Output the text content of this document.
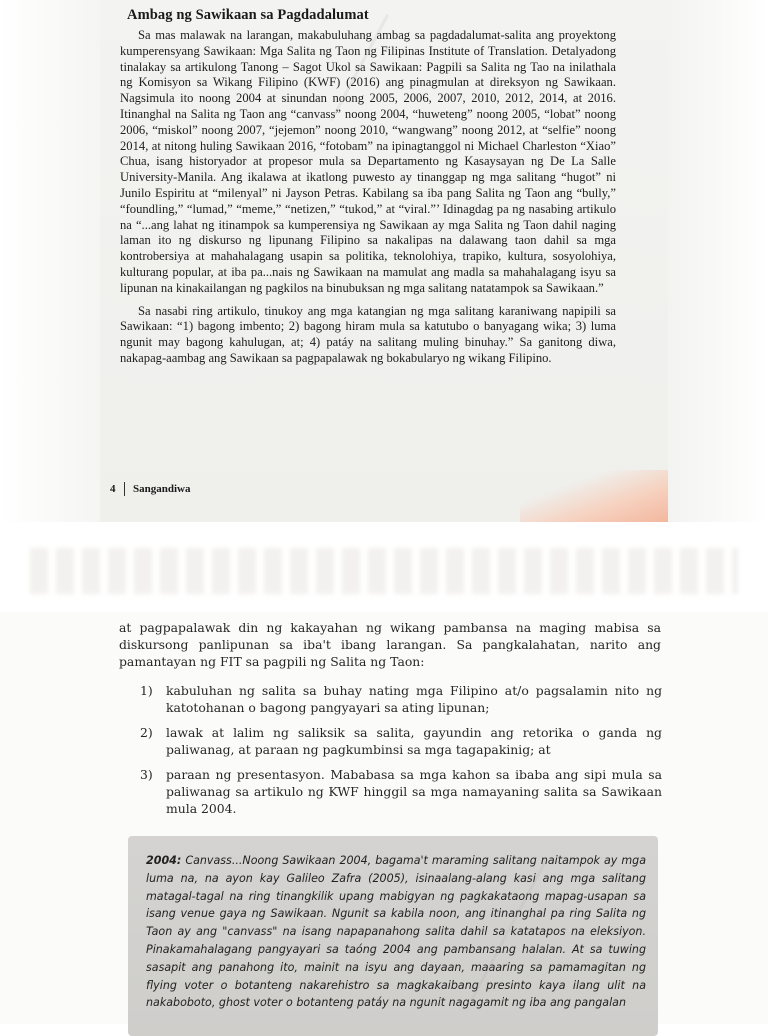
Ambag ng Sawikaan sa Pagdadalumat

Sa mas malawak na larangan, makabuluhang ambag sa pagdadalumat-salita ang proyektong kumperensyang Sawikaan: Mga Salita ng Taon ng Filipinas Institute of Translation. Detalyadong tinalakay sa artikulong Tanong – Sagot Ukol sa Sawikaan: Pagpili sa Salita ng Tao na inilathala ng Komisyon sa Wikang Filipino (KWF) (2016) ang pinagmulan at direksyon ng Sawikaan. Nagsimula ito noong 2004 at sinundan noong 2005, 2006, 2007, 2010, 2012, 2014, at 2016. Itinanghal na Salita ng Taon ang “canvass” noong 2004, “huweteng” noong 2005, “lobat” noong 2006, “miskol” noong 2007, “jejemon” noong 2010, “wangwang” noong 2012, at “selfie” noong 2014, at nitong huling Sawikaan 2016, “fotobam” na ipinagtanggol ni Michael Charleston “Xiao” Chua, isang historyador at propesor mula sa Departamento ng Kasaysayan ng De La Salle University-Manila. Ang ikalawa at ikatlong puwesto ay tinanggap ng mga salitang “hugot” ni Junilo Espiritu at “milenyal” ni Jayson Petras. Kabilang sa iba pang Salita ng Taon ang “bully,” “foundling,” “lumad,” “meme,” “netizen,” “tukod,” at “viral.”’ Idinagdag pa ng nasabing artikulo na “...ang lahat ng itinampok sa kumperensiya ng Sawikaan ay mga Salita ng Taon dahil naging laman ito ng diskurso ng lipunang Filipino sa nakalipas na dalawang taon dahil sa mga kontrobersiya at mahahalagang usapin sa politika, teknolohiya, trapiko, kultura, sosyolohiya, kulturang popular, at iba pa...nais ng Sawikaan na mamulat ang madla sa mahahalagang isyu sa lipunan na kinakailangan ng pagkilos na binubuksan ng mga salitang natatampok sa Sawikaan.”

Sa nasabi ring artikulo, tinukoy ang mga katangian ng mga salitang karaniwang napipili sa Sawikaan: “1) bagong imbento; 2) bagong hiram mula sa katutubo o banyagang wika; 3) luma ngunit may bagong kahulugan, at; 4) patáy na salitang muling binuhay.” Sa ganitong diwa, nakapag-aambag ang Sawikaan sa pagpapalawak ng bokabularyo ng wikang Filipino.

4 Sangandiwa

at pagpapalawak din ng kakayahan ng wikang pambansa na maging mabisa sa diskursong panlipunan sa iba't ibang larangan. Sa pangkalahatan, narito ang pamantayan ng FIT sa pagpili ng Salita ng Taon:

1)	kabuluhan ng salita sa buhay nating mga Filipino at/o pagsalamin nito ng katotohanan o bagong pangyayari sa ating lipunan;
2)	lawak at lalim ng saliksik sa salita, gayundin ang retorika o ganda ng paliwanag, at paraan ng pagkumbinsi sa mga tagapakinig; at
3)	paraan ng presentasyon. Mababasa sa mga kahon sa ibaba ang sipi mula sa paliwanag sa artikulo ng KWF hinggil sa mga namayaning salita sa Sawikaan mula 2004.
2004: Canvass...Noong Sawikaan 2004, bagama't maraming salitang naitampok ay mga luma na, na ayon kay Galileo Zafra (2005), isinaalang-alang kasi ang mga salitang matagal-tagal na ring tinangkilik upang mabigyan ng pagkakataong mapag-usapan sa isang venue gaya ng Sawikaan. Ngunit sa kabila noon, ang itinanghal pa ring Salita ng Taon ay ang "canvass" na isang napapanahong salita dahil sa katatapos na eleksiyon. Pinakamahalagang pangyayari sa taóng 2004 ang pambansang halalan. At sa tuwing sasapit ang panahong ito, mainit na isyu ang dayaan, maaaring sa pamamagitan ng flying voter o botanteng nakarehistro sa magkakaibang presinto kaya ilang ulit na nakaboboto, ghost voter o botanteng patáy na ngunit nagagamit ng iba ang pangalan
